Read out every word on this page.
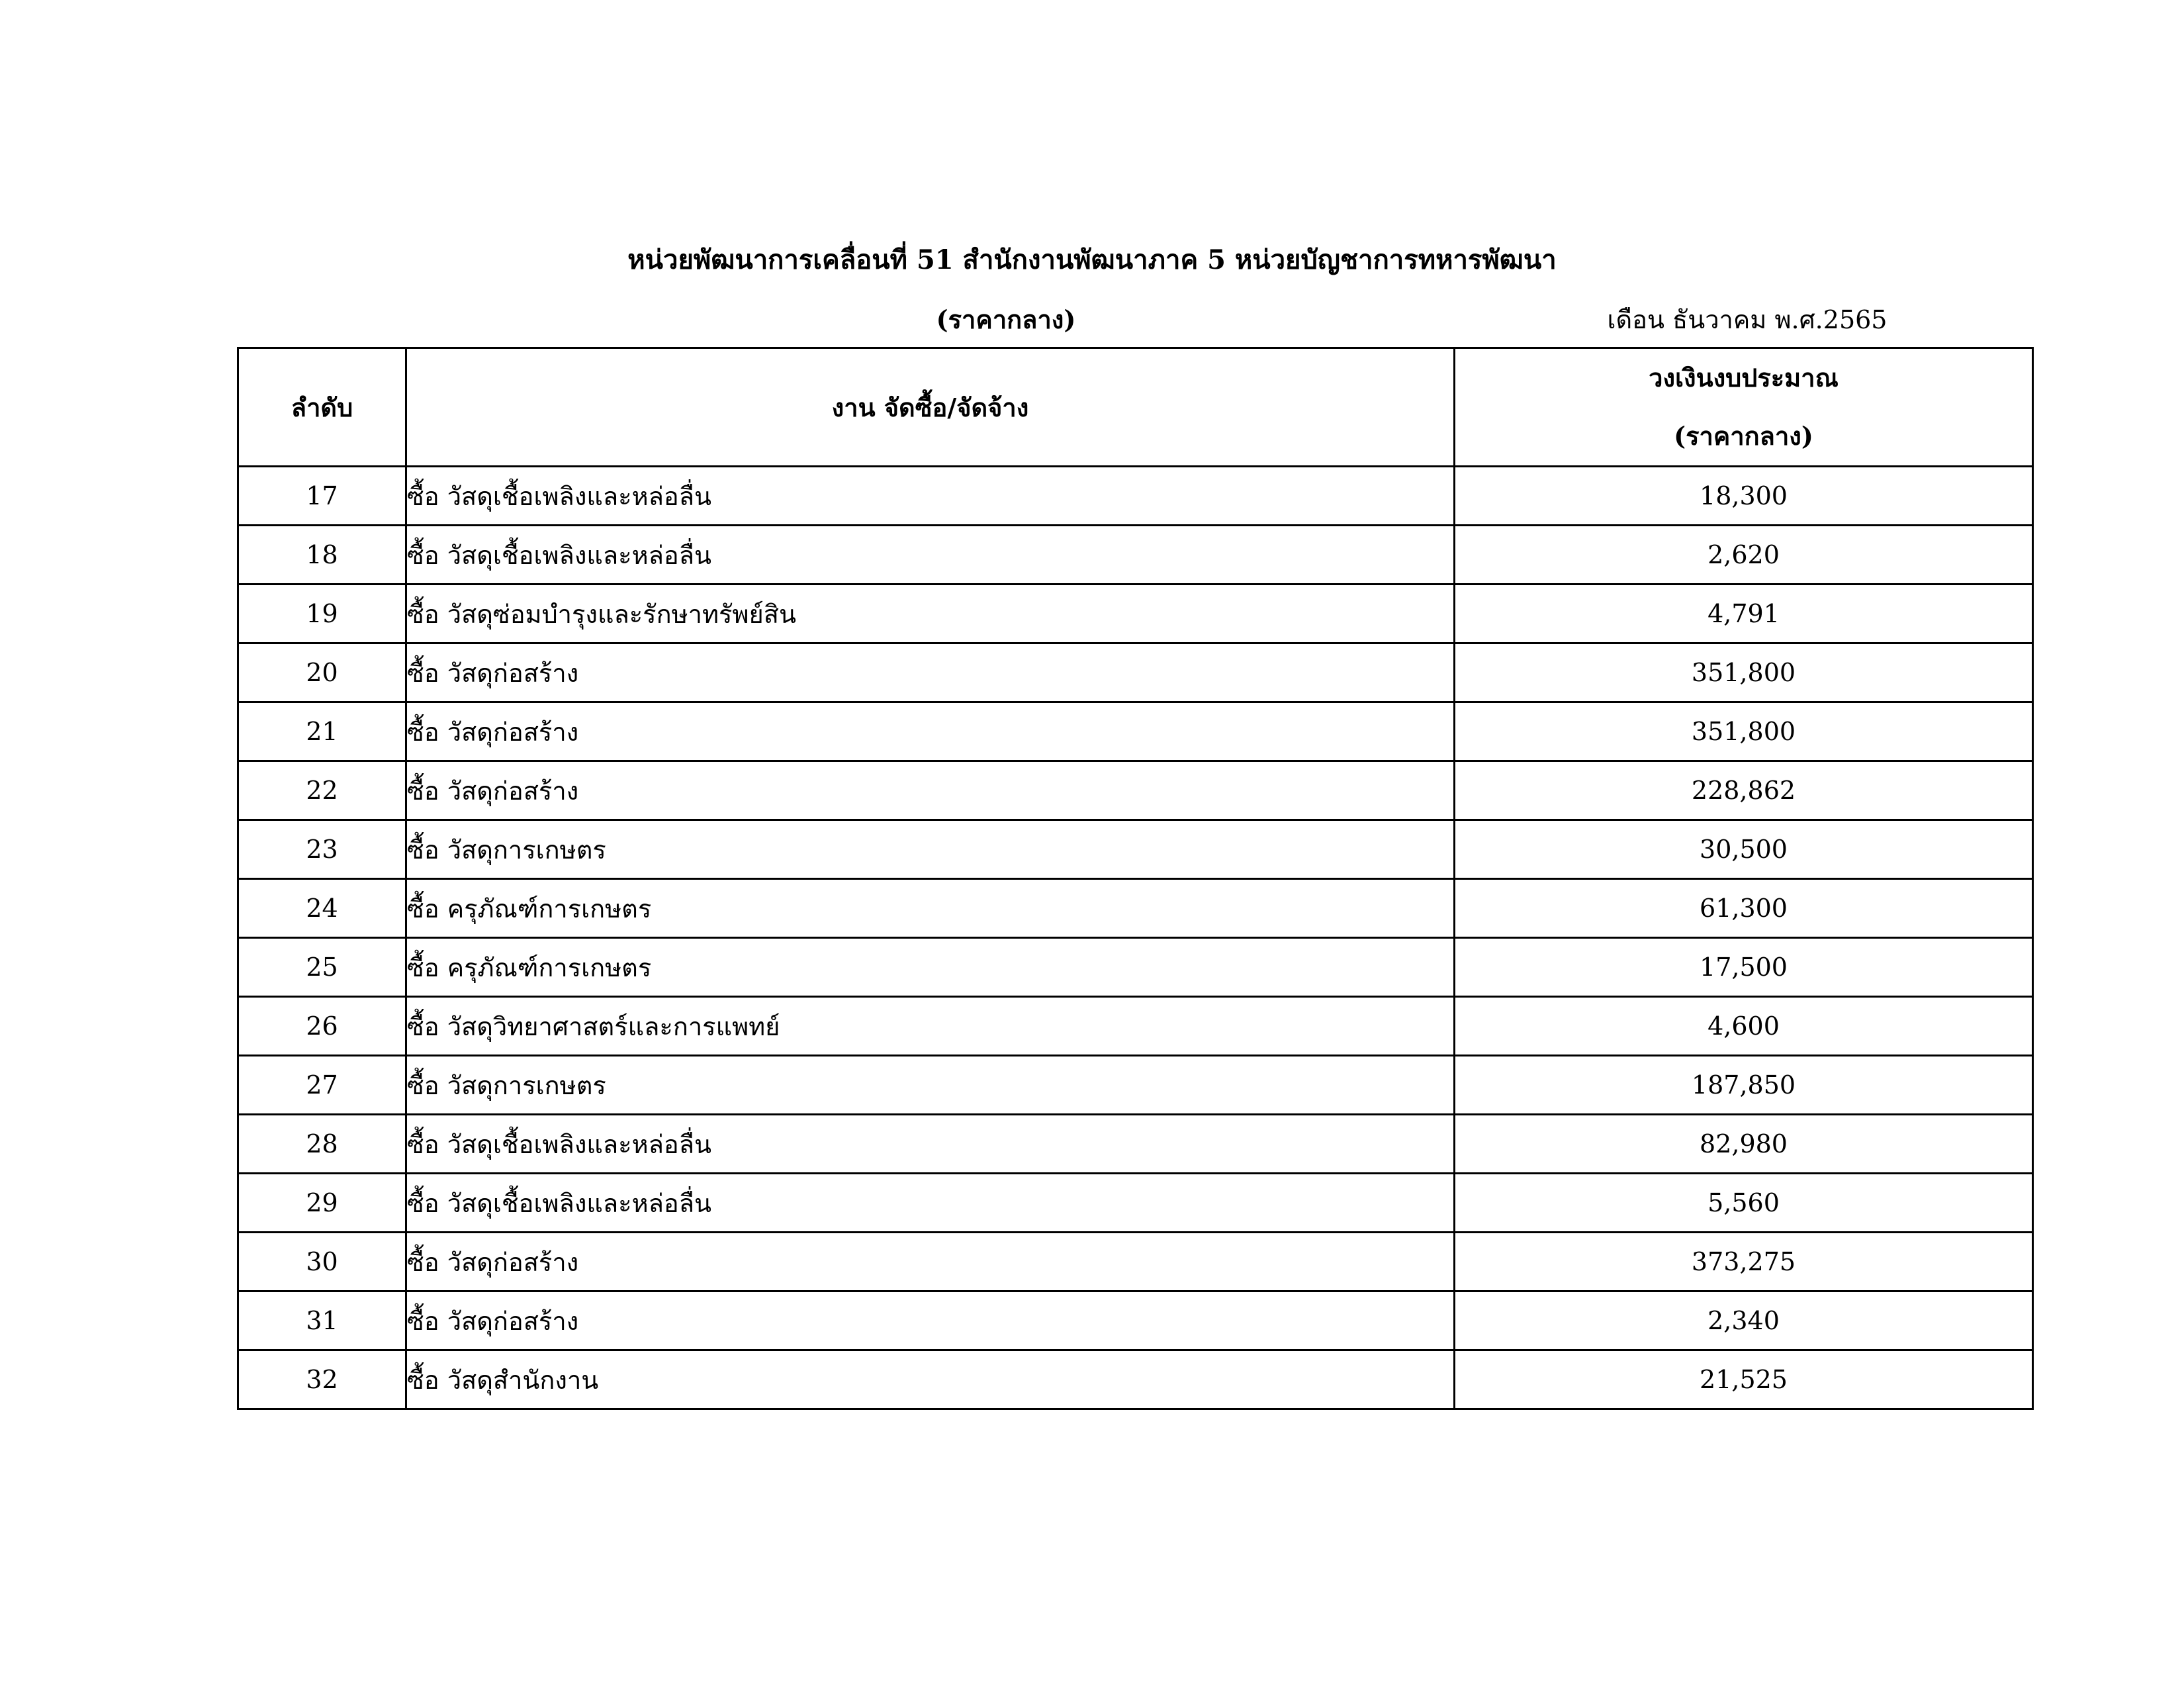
หน่วยพัฒนาการเคลื่อนที่ 51 สำนักงานพัฒนาภาค 5 หน่วยบัญชาการทหารพัฒนา
(ราคากลาง)	เดือน ธันวาคม พ.ศ.2565
ลำดับ	งาน จัดซื้อ/จัดจ้าง	วงเงินงบประมาณ
(ราคากลาง)

17	ซื้อ วัสดุเชื้อเพลิงและหล่อลื่น	18,300
18	ซื้อ วัสดุเชื้อเพลิงและหล่อลื่น	2,620
19	ซื้อ วัสดุซ่อมบำรุงและรักษาทรัพย์สิน	4,791
20	ซื้อ วัสดุก่อสร้าง	351,800
21	ซื้อ วัสดุก่อสร้าง	351,800
22	ซื้อ วัสดุก่อสร้าง	228,862
23	ซื้อ วัสดุการเกษตร	30,500
24	ซื้อ ครุภัณฑ์การเกษตร	61,300
25	ซื้อ ครุภัณฑ์การเกษตร	17,500
26	ซื้อ วัสดุวิทยาศาสตร์และการแพทย์	4,600
27	ซื้อ วัสดุการเกษตร	187,850
28	ซื้อ วัสดุเชื้อเพลิงและหล่อลื่น	82,980
29	ซื้อ วัสดุเชื้อเพลิงและหล่อลื่น	5,560
30	ซื้อ วัสดุก่อสร้าง	373,275
31	ซื้อ วัสดุก่อสร้าง	2,340
32	ซื้อ วัสดุสำนักงาน	21,525
